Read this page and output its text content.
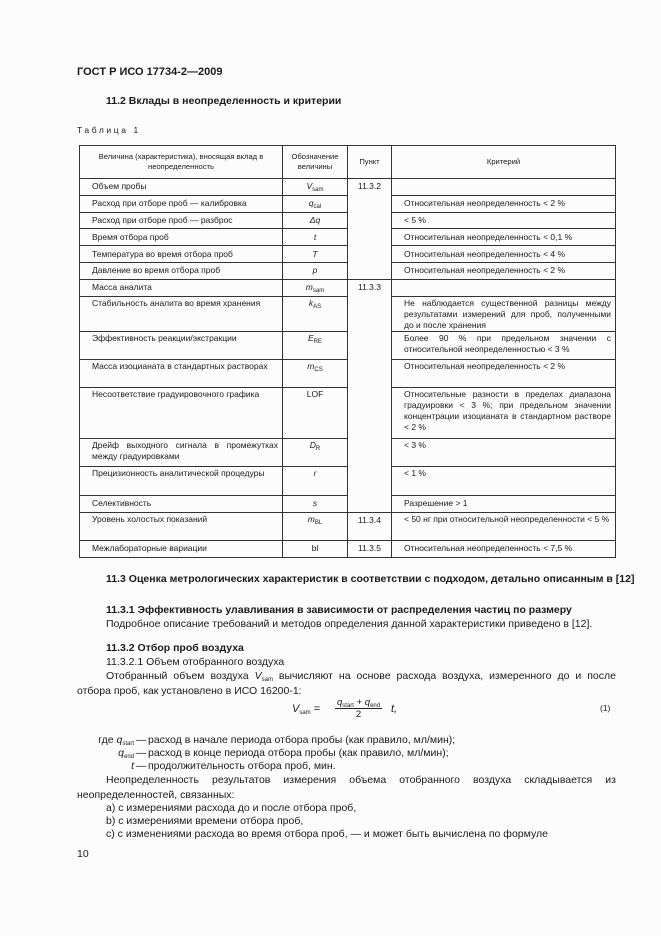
ГОСТ Р ИСО 17734-2—2009
11.2 Вклады в неопределенность и критерии
Таблица 1
Величина (характеристика), вносящая вклад в неопределенность	Обозначение величины	Пункт	Критерий
Объем пробы	$V_{sam}$	11.3.2	
Расход при отборе проб — калибровка	$q_{cal}$		Относительная неопределенность < 2 %
Расход при отборе проб — разброс	Δq		< 5 %
Время отбора проб	t		Относительная неопределенность < 0,1 %
Температура во время отбора проб	T		Относительная неопределенность < 4 %
Давление во время отбора проб	p		Относительная неопределенность < 2 %
Масса аналита	$m_{sam}$	11.3.3	
Стабильность аналита во время хранения	$k_{AS}$		Не наблюдается существенной разницы между результатами измерений для проб, полученными до и после хранения
Эффективность реакции/экстракции	$E_{RE}$		Более 90 % при предельном значении с относительной неопределенностью < 3 %
Масса изоцианата в стандартных растворах	$m_{CS}$		Относительная неопределенность < 2 %
Несоответствие градуировочного графика	LOF		Относительные разности в пределах диапазона градуировки < 3 %; при предельном значении концентрации изоцианата в стандартном растворе < 2 %
Дрейф выходного сигнала в промежутках между градуировками	$D_R$		< 3 %
Прецизионность аналитической процедуры	r		< 1 %
Селективность	s		Разрешение > 1
Уровень холостых показаний	$m_{BL}$	11.3.4	< 50 нг при относительной неопределенности < 5 %
Межлабораторные вариации	bl	11.3.5	Относительная неопределенность < 7,5 %
11.3 Оценка метрологических характеристик в соответствии с подходом, детально описанным в [12]
11.3.1 Эффективность улавливания в зависимости от распределения частиц по размеру
Подробное описание требований и методов определения данной характеристики приведено в [12].
11.3.2 Отбор проб воздуха
11.3.2.1 Объем отобранного воздуха
Отобранный объем воздуха $V_{sam}$ вычисляют на основе расхода воздуха, измеренного до и после отбора проб, как установлено в ИСО 16200-1:
$V_{sam}$ =
$q_{start} + q_{end}$
2	t,	(1)
где $q_{start}$ — расход в начале периода отбора пробы (как правило, мл/мин);
$q_{end}$ — расход в конце периода отбора пробы (как правило, мл/мин);
t — продолжительность отбора проб, мин.
Неопределенность результатов измерения объема отобранного воздуха складывается из неопределенностей, связанных:
a) с измерениями расхода до и после отбора проб,
b) с измерениями времени отбора проб,
c) с изменениями расхода во время отбора проб, — и может быть вычислена по формуле
10
